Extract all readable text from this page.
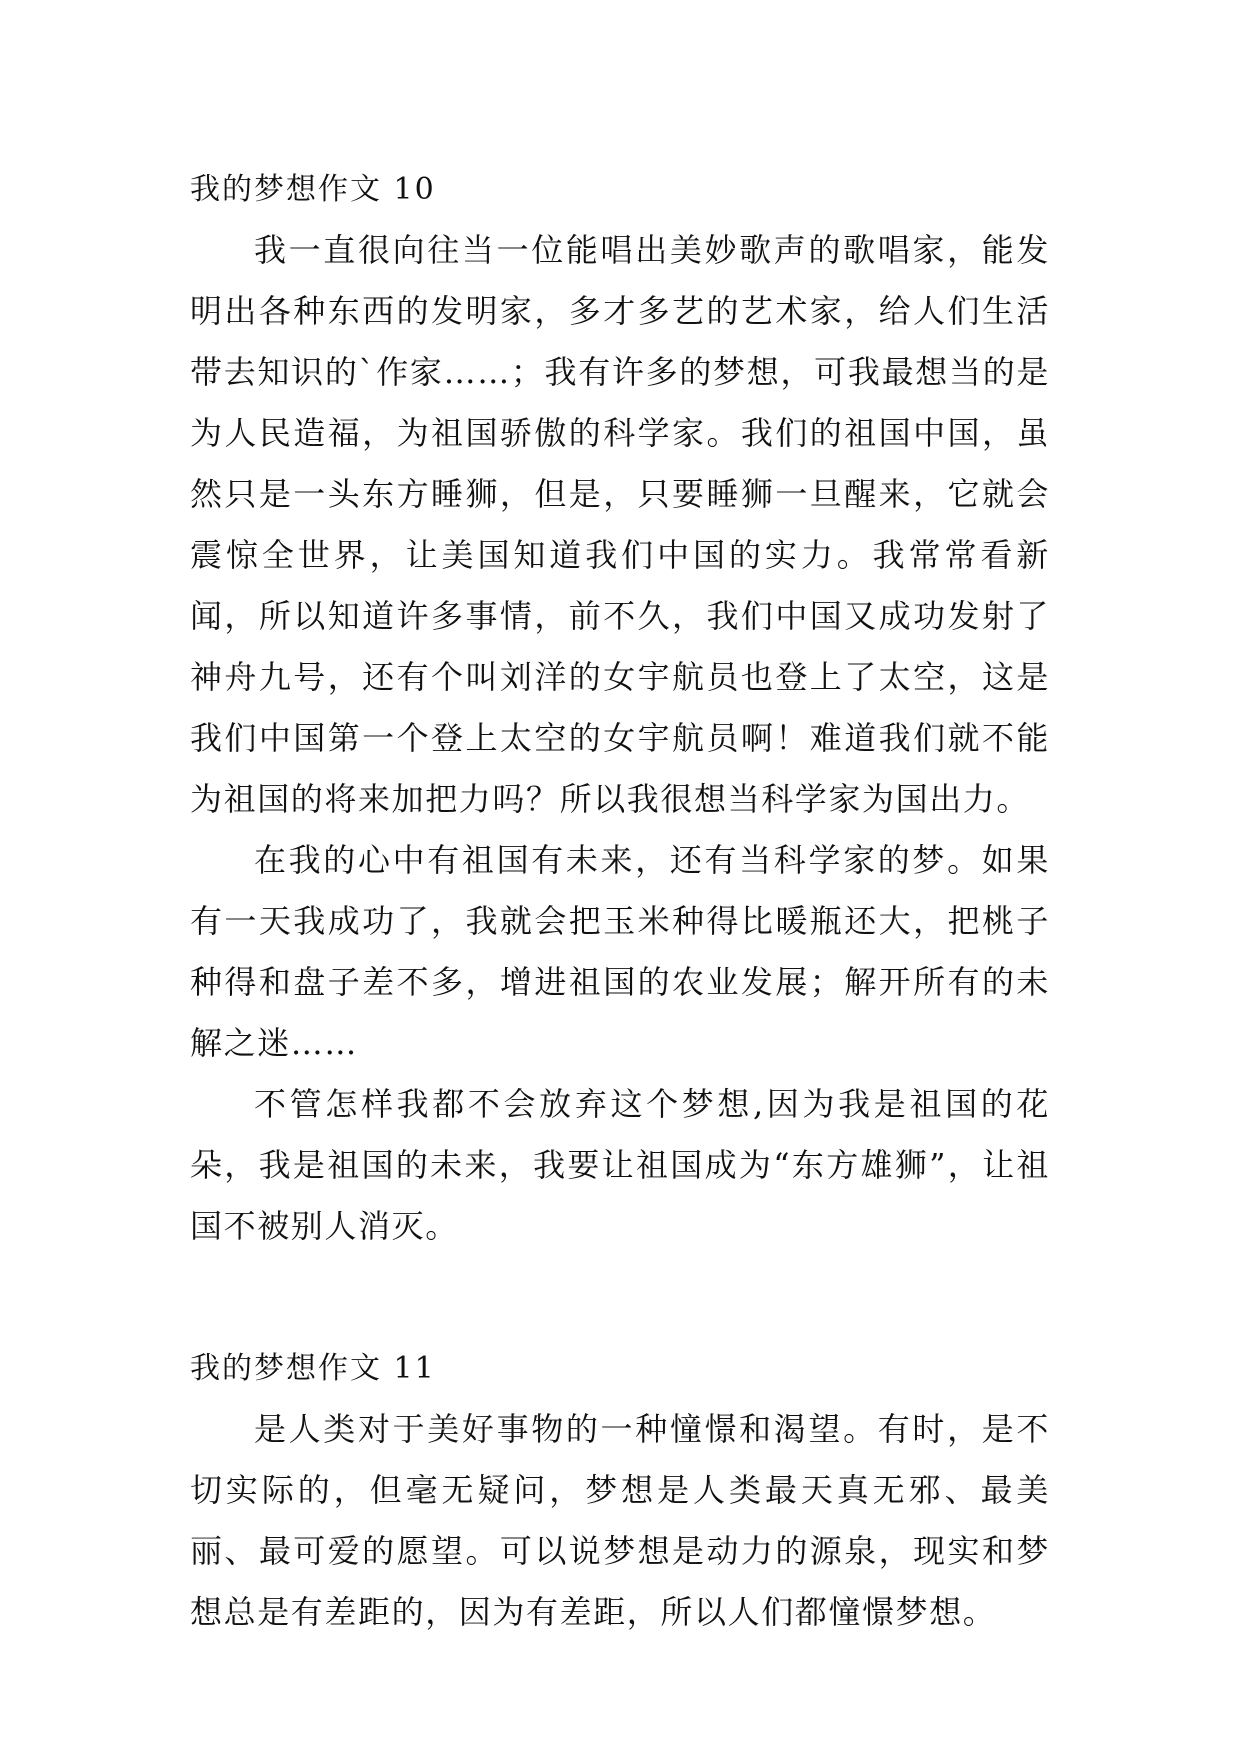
我的梦想作文 10

我一直很向往当一位能唱出美妙歌声的歌唱家，能发明出各种东西的发明家，多才多艺的艺术家，给人们生活带去知识的`作家……；我有许多的梦想，可我最想当的是为人民造福，为祖国骄傲的科学家。我们的祖国中国，虽然只是一头东方睡狮，但是，只要睡狮一旦醒来，它就会震惊全世界，让美国知道我们中国的实力。我常常看新闻，所以知道许多事情，前不久，我们中国又成功发射了神舟九号，还有个叫刘洋的女宇航员也登上了太空，这是我们中国第一个登上太空的女宇航员啊！难道我们就不能为祖国的将来加把力吗？所以我很想当科学家为国出力。

在我的心中有祖国有未来，还有当科学家的梦。如果有一天我成功了，我就会把玉米种得比暖瓶还大，把桃子种得和盘子差不多，增进祖国的农业发展；解开所有的未解之迷……

不管怎样我都不会放弃这个梦想,因为我是祖国的花朵，我是祖国的未来，我要让祖国成为“东方雄狮”，让祖国不被别人消灭。

我的梦想作文 11

是人类对于美好事物的一种憧憬和渴望。有时，是不切实际的，但毫无疑问，梦想是人类最天真无邪、最美丽、最可爱的愿望。可以说梦想是动力的源泉，现实和梦想总是有差距的，因为有差距，所以人们都憧憬梦想。
